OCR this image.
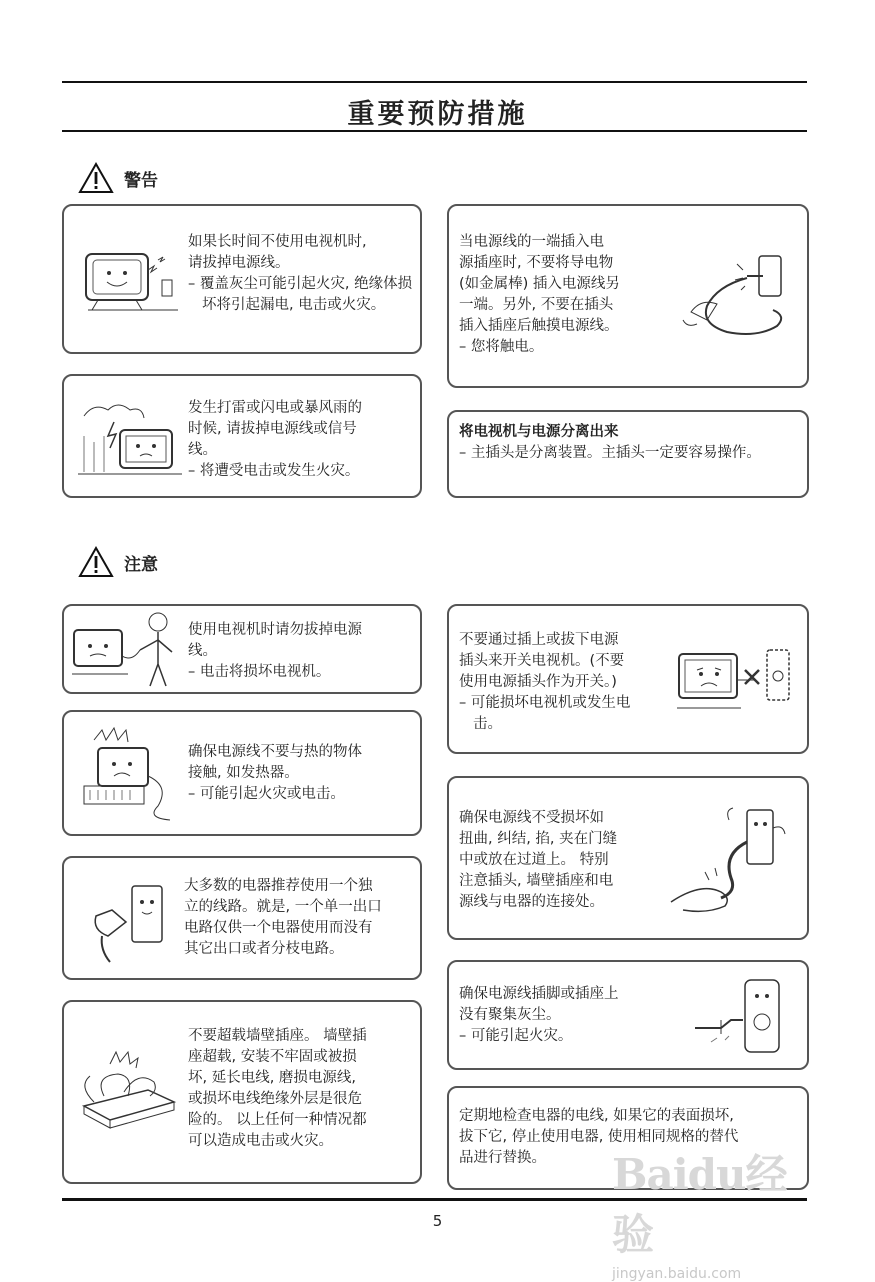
重要预防措施
警告

如果长时间不使用电视机时,

请拔掉电源线。

– 覆盖灰尘可能引起火灾, 绝缘体损坏将引起漏电, 电击或火灾。

发生打雷或闪电或暴风雨的

时候, 请拔掉电源线或信号

线。

– 将遭受电击或发生火灾。

当电源线的一端插入电

源插座时, 不要将导电物

(如金属棒) 插入电源线另

一端。另外, 不要在插头

插入插座后触摸电源线。

– 您将触电。

将电视机与电源分离出来

– 主插头是分离装置。主插头一定要容易操作。

注意

使用电视机时请勿拔掉电源

线。

– 电击将损坏电视机。

确保电源线不要与热的物体

接触, 如发热器。

– 可能引起火灾或电击。

大多数的电器推荐使用一个独

立的线路。就是, 一个单一出口

电路仅供一个电器使用而没有

其它出口或者分枝电路。

不要超载墙壁插座。 墙壁插

座超载, 安装不牢固或被损

坏, 延长电线, 磨损电源线,

或损坏电线绝缘外层是很危

险的。 以上任何一种情况都

可以造成电击或火灾。

不要通过插上或拔下电源

插头来开关电视机。(不要

使用电源插头作为开关。)

– 可能损坏电视机或发生电击。

确保电源线不受损坏如

扭曲, 纠结, 掐, 夹在门缝

中或放在过道上。 特别

注意插头, 墙壁插座和电

源线与电器的连接处。

确保电源线插脚或插座上

没有聚集灰尘。

– 可能引起火灾。

定期地检查电器的电线, 如果它的表面损坏,

拔下它, 停止使用电器, 使用相同规格的替代

品进行替换。

5
Baidu经验
jingyan.baidu.com
